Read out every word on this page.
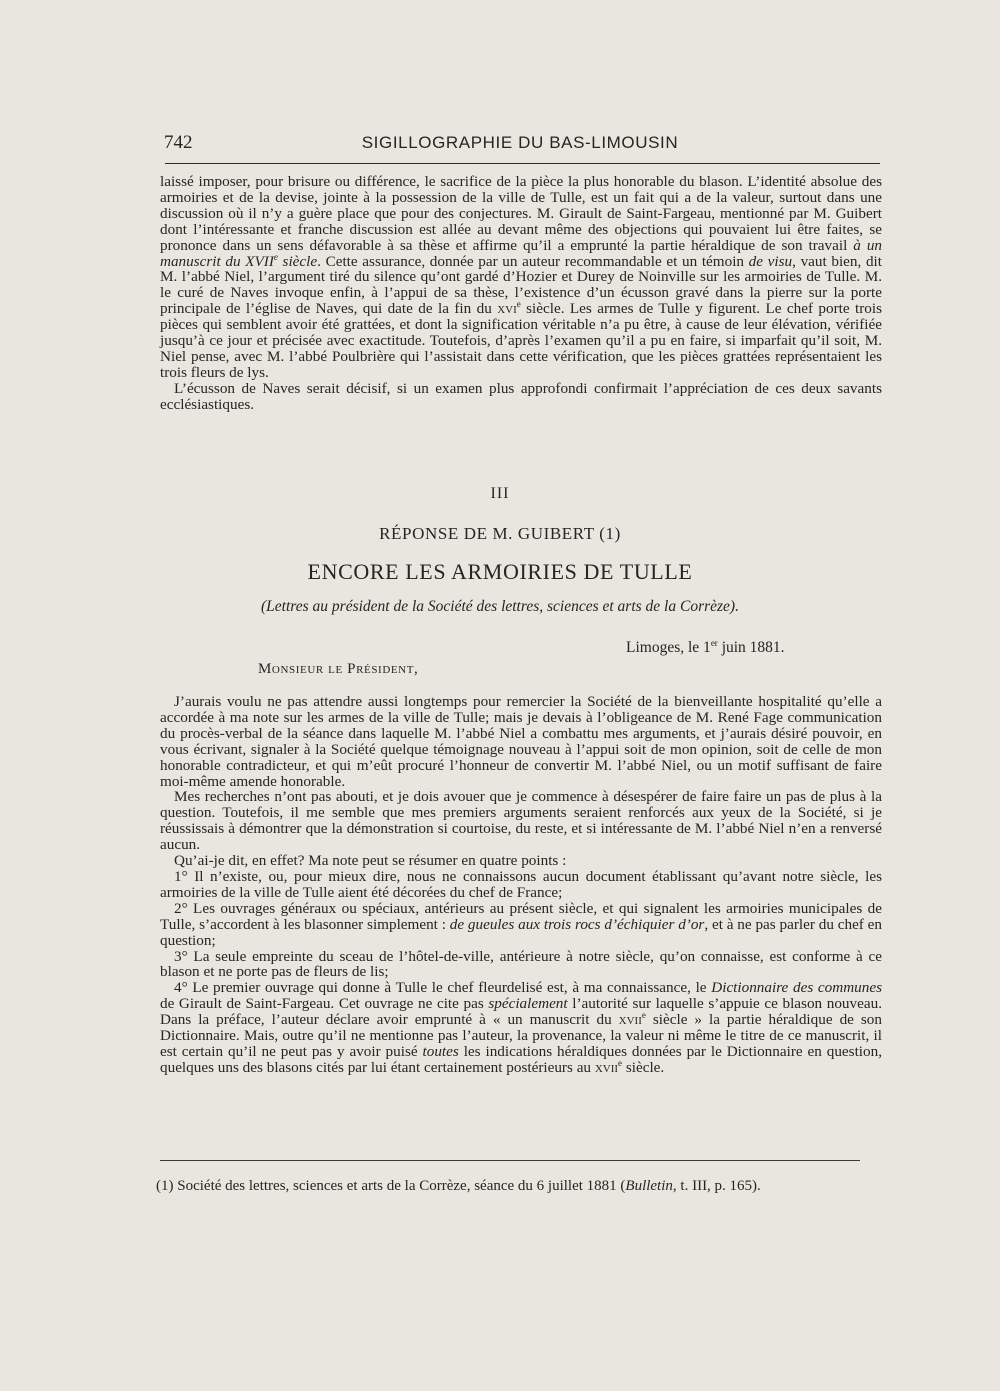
742	SIGILLOGRAPHIE DU BAS-LIMOUSIN

laissé imposer, pour brisure ou différence, le sacrifice de la pièce la plus honorable du blason. L’identité absolue des armoiries et de la devise, jointe à la possession de la ville de Tulle, est un fait qui a de la valeur, surtout dans une discussion où il n’y a guère place que pour des conjectures. M. Girault de Saint-Fargeau, mentionné par M. Guibert dont l’intéressante et franche discussion est allée au devant même des objections qui pouvaient lui être faites, se prononce dans un sens défavorable à sa thèse et affirme qu’il a emprunté la partie héraldique de son travail à un manuscrit du XVIIe siècle. Cette assurance, donnée par un auteur recommandable et un témoin de visu, vaut bien, dit M. l’abbé Niel, l’argument tiré du silence qu’ont gardé d’Hozier et Durey de Noinville sur les armoiries de Tulle. M. le curé de Naves invoque enfin, à l’appui de sa thèse, l’existence d’un écusson gravé dans la pierre sur la porte principale de l’église de Naves, qui date de la fin du xvi$^e$ siècle. Les armes de Tulle y figurent. Le chef porte trois pièces qui semblent avoir été grattées, et dont la signification véritable n’a pu être, à cause de leur élévation, vérifiée jusqu’à ce jour et précisée avec exactitude. Toutefois, d’après l’examen qu’il a pu en faire, si imparfait qu’il soit, M. Niel pense, avec M. l’abbé Poulbrière qui l’assistait dans cette vérification, que les pièces grattées représentaient les trois fleurs de lys.

L’écusson de Naves serait décisif, si un examen plus approfondi confirmait l’appréciation de ces deux savants ecclésiastiques.

III
RÉPONSE DE M. GUIBERT (1)
ENCORE LES ARMOIRIES DE TULLE
(Lettres au président de la Société des lettres, sciences et arts de la Corrèze).
Limoges, le 1er juin 1881.
Monsieur le Président,

J’aurais voulu ne pas attendre aussi longtemps pour remercier la Société de la bienveillante hospitalité qu’elle a accordée à ma note sur les armes de la ville de Tulle; mais je devais à l’obligeance de M. René Fage communication du procès-verbal de la séance dans laquelle M. l’abbé Niel a combattu mes arguments, et j’aurais désiré pouvoir, en vous écrivant, signaler à la Société quelque témoignage nouveau à l’appui soit de mon opinion, soit de celle de mon honorable contradicteur, et qui m’eût procuré l’honneur de convertir M. l’abbé Niel, ou un motif suffisant de faire moi-même amende honorable.

Mes recherches n’ont pas abouti, et je dois avouer que je commence à désespérer de faire faire un pas de plus à la question. Toutefois, il me semble que mes premiers arguments seraient renforcés aux yeux de la Société, si je réussissais à démontrer que la démonstration si courtoise, du reste, et si intéressante de M. l’abbé Niel n’en a renversé aucun.

Qu’ai-je dit, en effet? Ma note peut se résumer en quatre points :

1° Il n’existe, ou, pour mieux dire, nous ne connaissons aucun document établissant qu’avant notre siècle, les armoiries de la ville de Tulle aient été décorées du chef de France;

2° Les ouvrages généraux ou spéciaux, antérieurs au présent siècle, et qui signalent les armoiries municipales de Tulle, s’accordent à les blasonner simplement : de gueules aux trois rocs d’échiquier d’or, et à ne pas parler du chef en question;

3° La seule empreinte du sceau de l’hôtel-de-ville, antérieure à notre siècle, qu’on connaisse, est conforme à ce blason et ne porte pas de fleurs de lis;

4° Le premier ouvrage qui donne à Tulle le chef fleurdelisé est, à ma connaissance, le Dictionnaire des communes de Girault de Saint-Fargeau. Cet ouvrage ne cite pas spécialement l’autorité sur laquelle s’appuie ce blason nouveau. Dans la préface, l’auteur déclare avoir emprunté à « un manuscrit du xvii$^e$ siècle » la partie héraldique de son Dictionnaire. Mais, outre qu’il ne mentionne pas l’auteur, la provenance, la valeur ni même le titre de ce manuscrit, il est certain qu’il ne peut pas y avoir puisé toutes les indications héraldiques données par le Dictionnaire en question, quelques uns des blasons cités par lui étant certainement postérieurs au xvii$^e$ siècle.

(1) Société des lettres, sciences et arts de la Corrèze, séance du 6 juillet 1881 (Bulletin, t. III, p. 165).
